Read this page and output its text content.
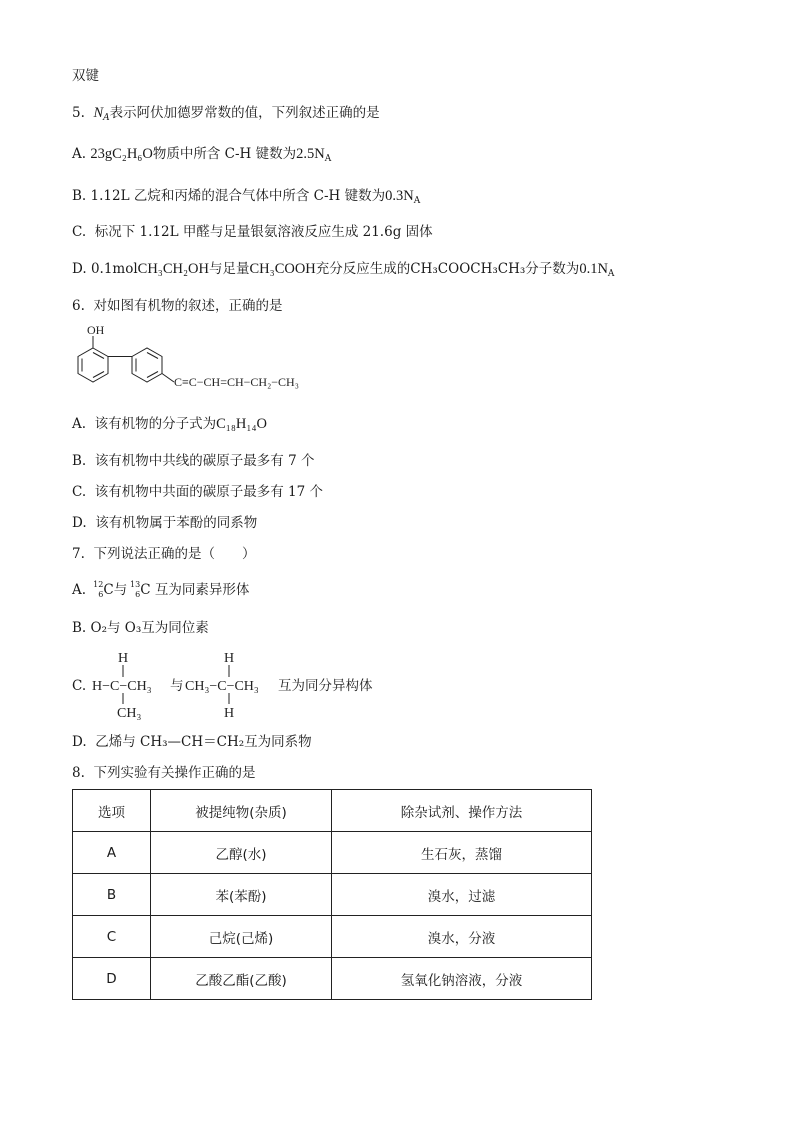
双键
5. $N_A$表示阿伏加德罗常数的值，下列叙述正确的是
A. 23gC₂H₆O物质中所含 C-H 键数为$2.5N_A$
B. 1.12L 乙烷和丙烯的混合气体中所含 C-H 键数为$0.3N_A$
C. 标况下 1.12L 甲醛与足量银氨溶液反应生成 21.6g 固体
D. 0.1molCH₃CH₂OH与足量CH₃COOH充分反应生成的CH₃COOCH₃CH₃分子数为$0.1N_A$
6. 对如图有机物的叙述，正确的是
OH
C≡C−CH=CH−CH₂−CH₃
A. 该有机物的分子式为C₁₈H₁₄O
B. 该有机物中共线的碳原子最多有 7 个
C. 该有机物中共面的碳原子最多有 17 个
D. 该有机物属于苯酚的同系物
7. 下列说法正确的是（　　）
A. 12
6 C与 13
6 C 互为同素异形体
B. O₂与 O₃互为同位素
C.
H
H−C−CH₃
CH₃
与
H
CH₃−C−CH₃
H
互为同分异构体
D. 乙烯与 CH₃—CH＝CH₂互为同系物
8. 下列实验有关操作正确的是
选项	被提纯物(杂质)	除杂试剂、操作方法
A	乙醇(水)	生石灰，蒸馏
B	苯(苯酚)	溴水，过滤
C	己烷(己烯)	溴水，分液
D	乙酸乙酯(乙酸)	氢氧化钠溶液，分液
